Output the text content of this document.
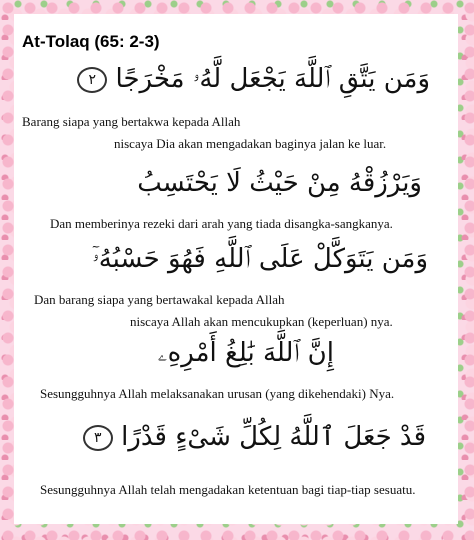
At-Tolaq (65: 2-3)
وَمَن يَتَّقِ ٱللَّهَ يَجْعَل لَّهُۥ مَخْرَجًا ٢
Barang siapa yang bertakwa kepada Allah
niscaya Dia akan mengadakan baginya jalan ke luar.
وَيَرْزُقْهُ مِنْ حَيْثُ لَا يَحْتَسِبُ
Dan memberinya rezeki dari arah yang tiada disangka-sangkanya.
وَمَن يَتَوَكَّلْ عَلَى ٱللَّهِ فَهُوَ حَسْبُهُۥٓ
Dan barang siapa yang bertawakal kepada Allah
niscaya Allah akan mencukupkan (keperluan) nya.
إِنَّ ٱللَّهَ بَٰلِغُ أَمْرِهِۦ
Sesungguhnya Allah melaksanakan urusan (yang dikehendaki) Nya.
قَدْ جَعَلَ ٱللَّهُ لِكُلِّ شَىْءٍ قَدْرًا ٣
Sesungguhnya Allah telah mengadakan ketentuan bagi tiap-tiap sesuatu.
